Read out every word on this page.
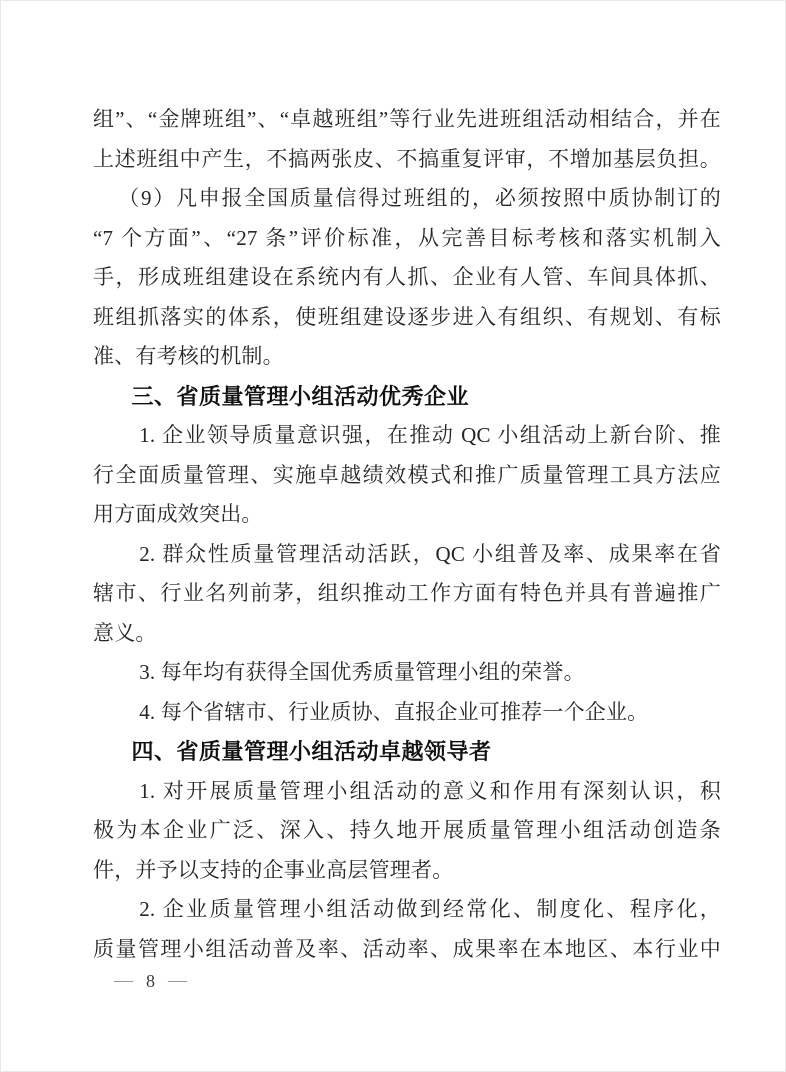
组”、“金牌班组”、“卓越班组”等行业先进班组活动相结合，并在
上述班组中产生，不搞两张皮、不搞重复评审，不增加基层负担。
（9）凡申报全国质量信得过班组的，必须按照中质协制订的
“7 个方面”、“27 条”评价标准，从完善目标考核和落实机制入
手，形成班组建设在系统内有人抓、企业有人管、车间具体抓、
班组抓落实的体系，使班组建设逐步进入有组织、有规划、有标
准、有考核的机制。
三、省质量管理小组活动优秀企业
1. 企业领导质量意识强，在推动 QC 小组活动上新台阶、推
行全面质量管理、实施卓越绩效模式和推广质量管理工具方法应
用方面成效突出。
2. 群众性质量管理活动活跃，QC 小组普及率、成果率在省
辖市、行业名列前茅，组织推动工作方面有特色并具有普遍推广
意义。
3. 每年均有获得全国优秀质量管理小组的荣誉。
4. 每个省辖市、行业质协、直报企业可推荐一个企业。
四、省质量管理小组活动卓越领导者
1. 对开展质量管理小组活动的意义和作用有深刻认识，积
极为本企业广泛、深入、持久地开展质量管理小组活动创造条
件，并予以支持的企事业高层管理者。
2. 企业质量管理小组活动做到经常化、制度化、程序化，
质量管理小组活动普及率、活动率、成果率在本地区、本行业中
— 8 —
